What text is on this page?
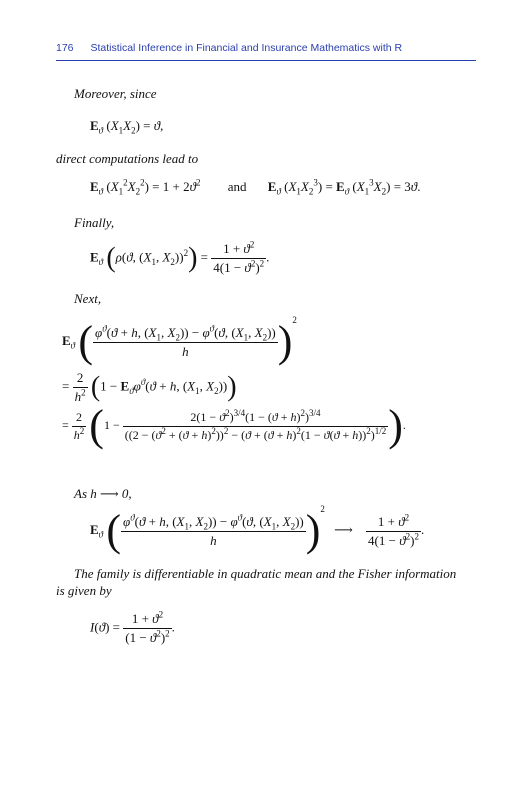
176 Statistical Inference in Financial and Insurance Mathematics with R
Moreover, since
$E_ϑ$ $(X_1X_2) = ϑ$,
direct computations lead to
$E_ϑ$ $(X_1^2X_2^2) = 1 + 2ϑ^2$ and $E_ϑ$ $(X_1X_2^3) = E_ϑ$ $(X_1^3X_2) = 3ϑ$.
Finally,
$E_ϑ$ (ρ(ϑ, ($X_1$, $X_2))^2) = \frac{1 + ϑ^2}{4(1 - ϑ^2)^2}$ .
Next,
$E_ϑ$ ( $\frac{\varphi^ϑ(ϑ + h, (X_1, X_2)) - \varphi^ϑ(ϑ, (X_1, X_2))}{h} )^2$
= $\frac{2}{h^2} (1 - E_ϑ\varphi^ϑ(ϑ + h$, ($X_1$, $X_2$)))
= $\frac{2}{h^2} (1 - \frac{2(1 - ϑ^2)^{3/4}(1 - (ϑ + h)^2)^{3/4}}{((2 - (ϑ^2 + (ϑ + h)^2))^2 - (ϑ + (ϑ + h)^2(1 - ϑ(ϑ + h))^2)^{1/2}}$ ).
As h ⟶ 0,
$E_ϑ$ ( $\frac{\varphi^ϑ(ϑ + h, (X_1, X_2)) - \varphi^ϑ(ϑ, (X_1, X_2))}{h} )^2$ ⟶ $\frac{1 + ϑ^2}{4(1 - ϑ^2)^2}$ .
The family is differentiable in quadratic mean and the Fisher information
is given by
$I(ϑ) = \frac{1 + ϑ^2}{(1 - ϑ^2)^2}$ .
